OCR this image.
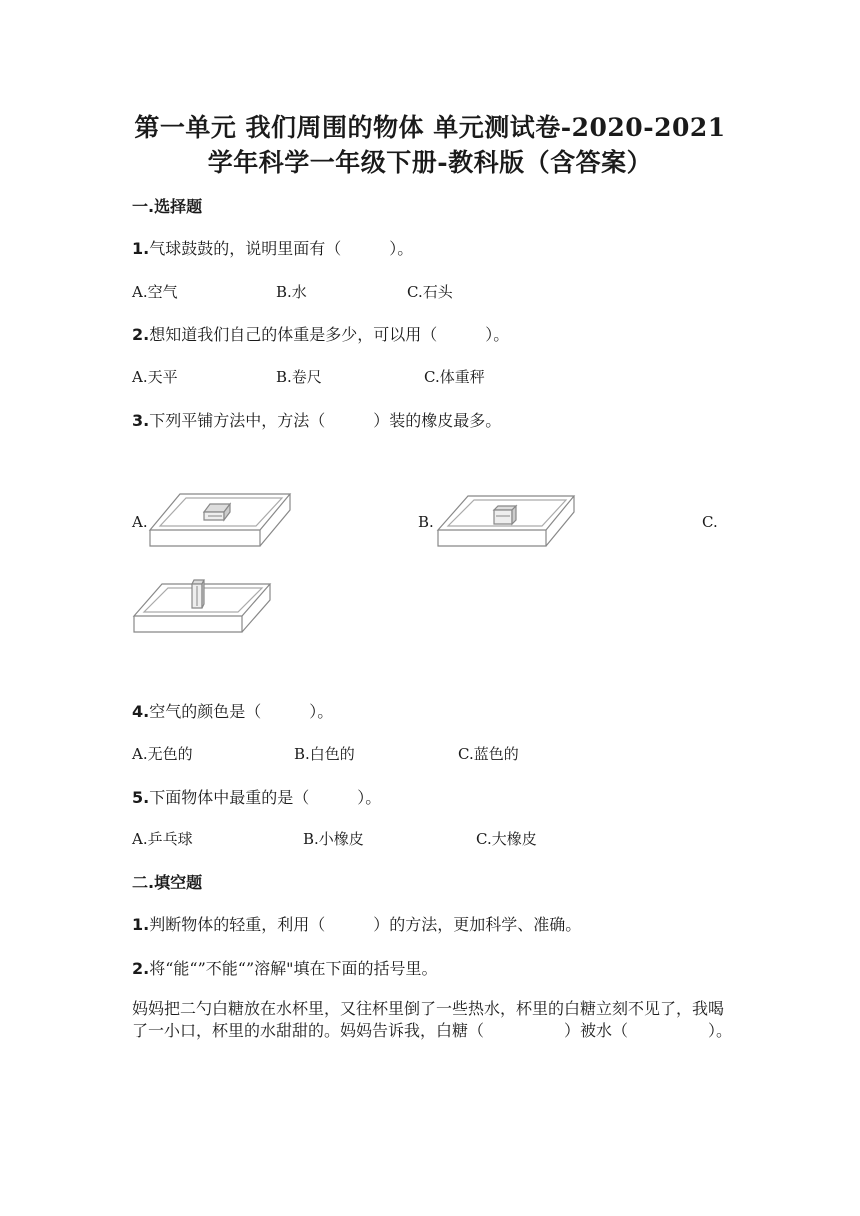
第一单元 我们周围的物体 单元测试卷-2020-2021
学年科学一年级下册-教科版（含答案）
一.选择题
1.气球鼓鼓的，说明里面有（　　　）。
A.空气	B.水	C.石头
2.想知道我们自己的体重是多少，可以用（　　　）。
A.天平	B.卷尺	C.体重秤
3.下列平铺方法中，方法（　　　）装的橡皮最多。
A.	B.	C.
4.空气的颜色是（　　　）。
A.无色的	B.白色的	C.蓝色的
5.下面物体中最重的是（　　　）。
A.乒乓球	B.小橡皮	C.大橡皮
二.填空题
1.判断物体的轻重，利用（　　　）的方法，更加科学、准确。
2.将“能“”不能“”溶解"填在下面的括号里。
妈妈把二勺白糖放在水杯里，又往杯里倒了一些热水，杯里的白糖立刻不见了，我喝了一小口，杯里的水甜甜的。妈妈告诉我，白糖（　　　　　）被水（　　　　　）。
